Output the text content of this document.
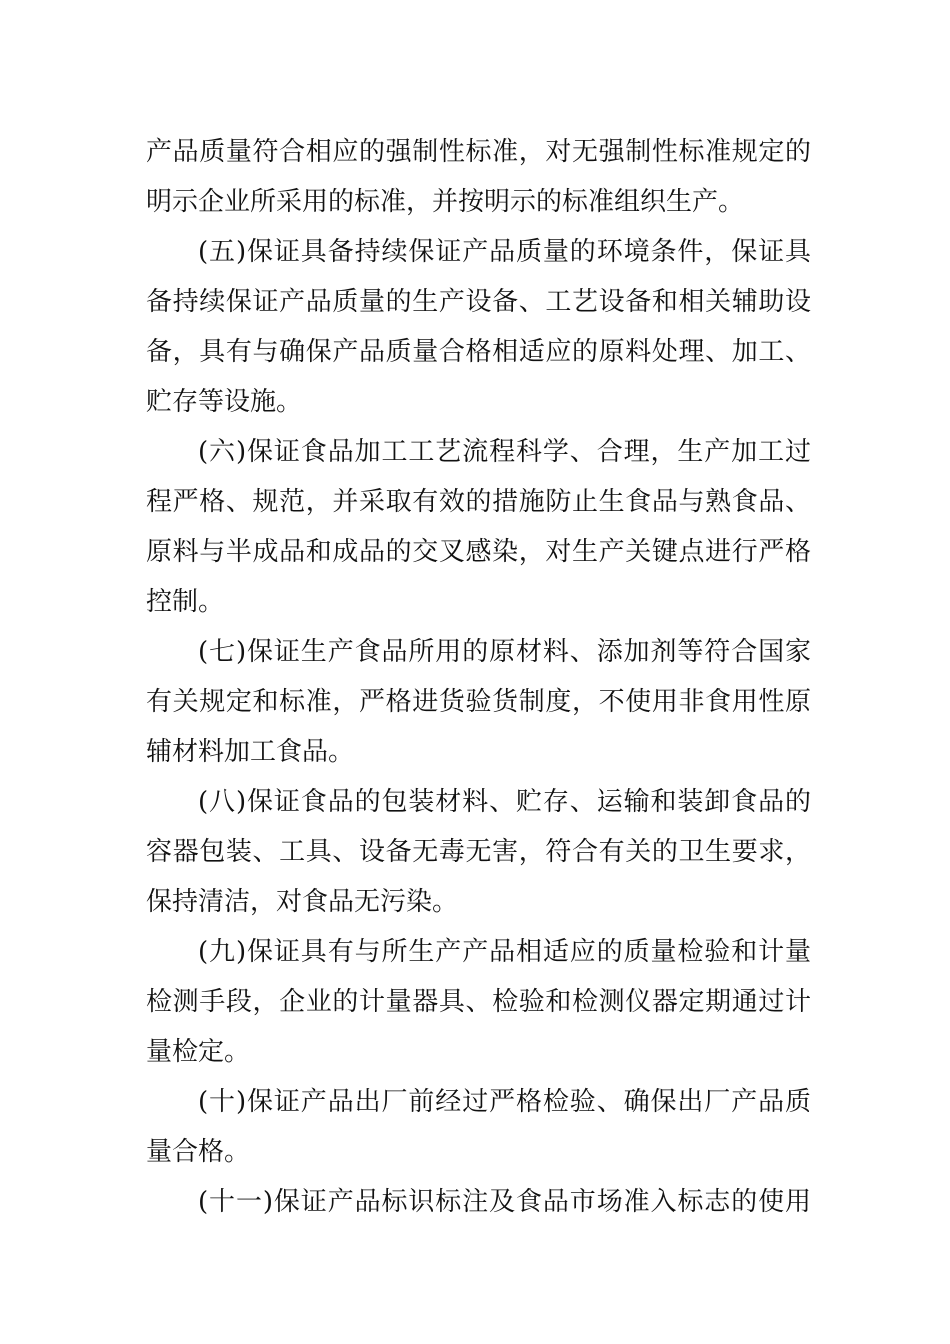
产品质量符合相应的强制性标准，对无强制性标准规定的
明示企业所采用的标准，并按明示的标准组织生产。
(五)保证具备持续保证产品质量的环境条件，保证具
备持续保证产品质量的生产设备、工艺设备和相关辅助设
备，具有与确保产品质量合格相适应的原料处理、加工、
贮存等设施。
(六)保证食品加工工艺流程科学、合理，生产加工过
程严格、规范，并采取有效的措施防止生食品与熟食品、
原料与半成品和成品的交叉感染，对生产关键点进行严格
控制。
(七)保证生产食品所用的原材料、添加剂等符合国家
有关规定和标准，严格进货验货制度，不使用非食用性原
辅材料加工食品。
(八)保证食品的包装材料、贮存、运输和装卸食品的
容器包装、工具、设备无毒无害，符合有关的卫生要求，
保持清洁，对食品无污染。
(九)保证具有与所生产产品相适应的质量检验和计量
检测手段，企业的计量器具、检验和检测仪器定期通过计
量检定。
(十)保证产品出厂前经过严格检验、确保出厂产品质
量合格。
(十一)保证产品标识标注及食品市场准入标志的使用
